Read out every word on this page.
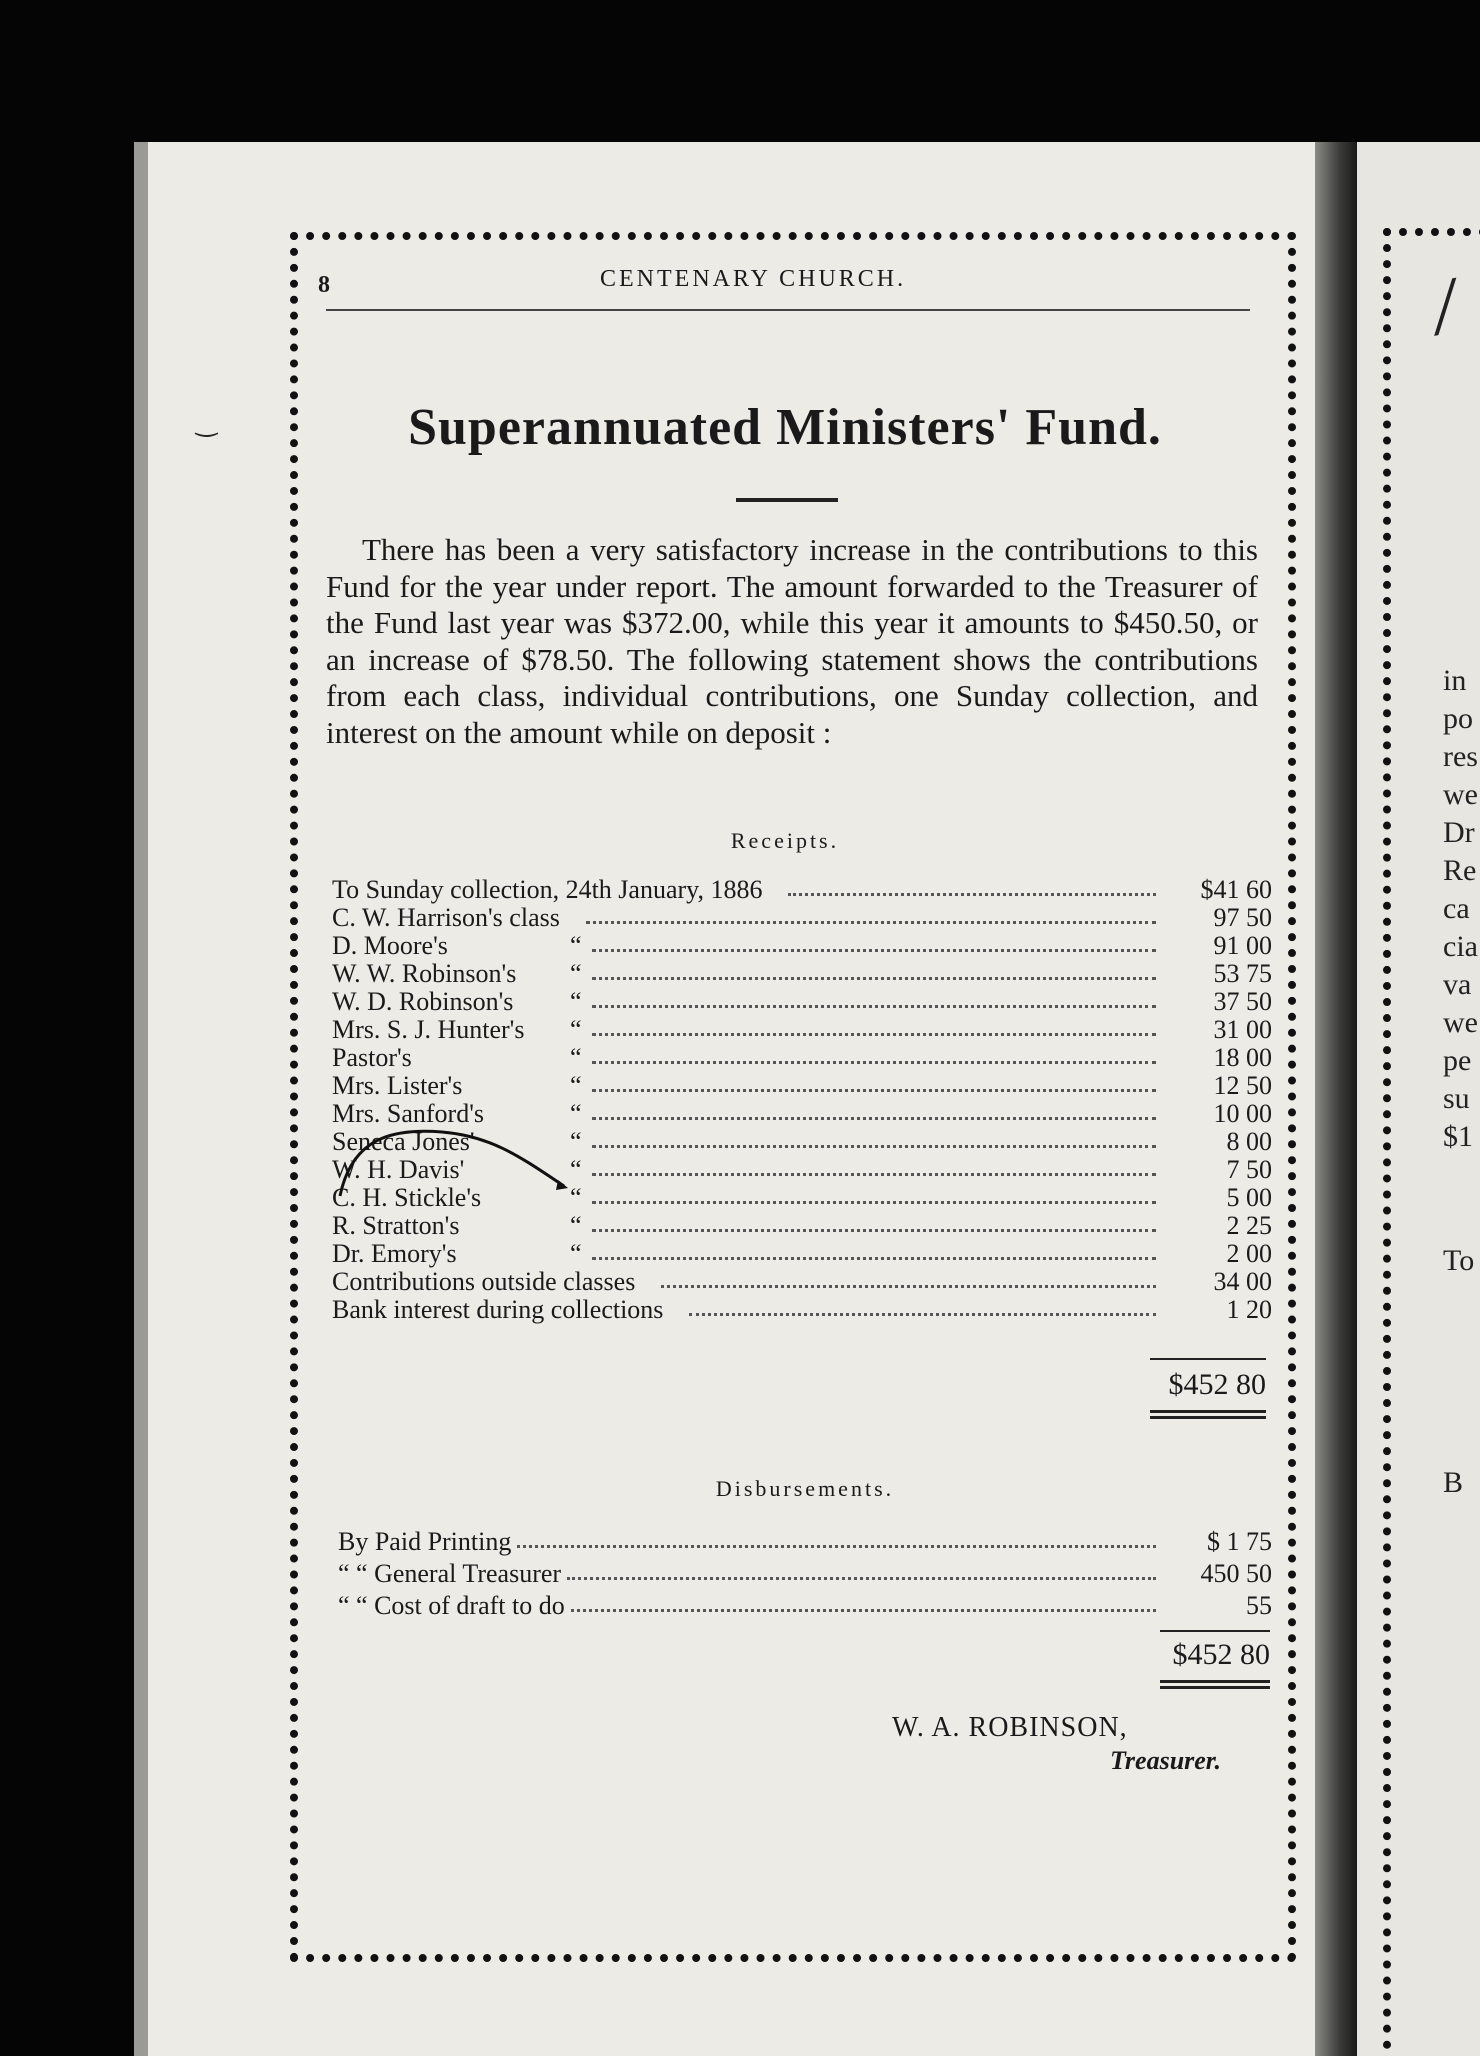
/
in
po
res
we
Dr
Re
ca
cia
va
we
pe
su
$1
To
B
8	CENTENARY CHURCH.
‿	Superannuated Ministers' Fund.
There has been a very satisfactory increase in the contributions to this Fund for the year under report. The amount forwarded to the Treasurer of the Fund last year was $372.00, while this year it amounts to $450.50, or an increase of $78.50. The following statement shows the contributions from each class, individual contributions, one Sunday collection, and interest on the amount while on deposit :
Receipts.
To Sunday collection, 24th January, 1886	$41 60
C. W. Harrison's class	97 50
D. Moore's	“	91 00
W. W. Robinson's	“	53 75
W. D. Robinson's	“	37 50
Mrs. S. J. Hunter's	“	31 00
Pastor's	“	18 00
Mrs. Lister's	“	12 50
Mrs. Sanford's	“	10 00
Seneca Jones'	“	8 00
W. H. Davis'	“	7 50
C. H. Stickle's	“	5 00
R. Stratton's	“	2 25
Dr. Emory's	“	2 00
Contributions outside classes	34 00
Bank interest during collections	1 20
$452 80
Disbursements.
By Paid Printing	$ 1 75
“ “ General Treasurer	450 50
“ “ Cost of draft to do	55
$452 80
W. A. ROBINSON,
Treasurer.
